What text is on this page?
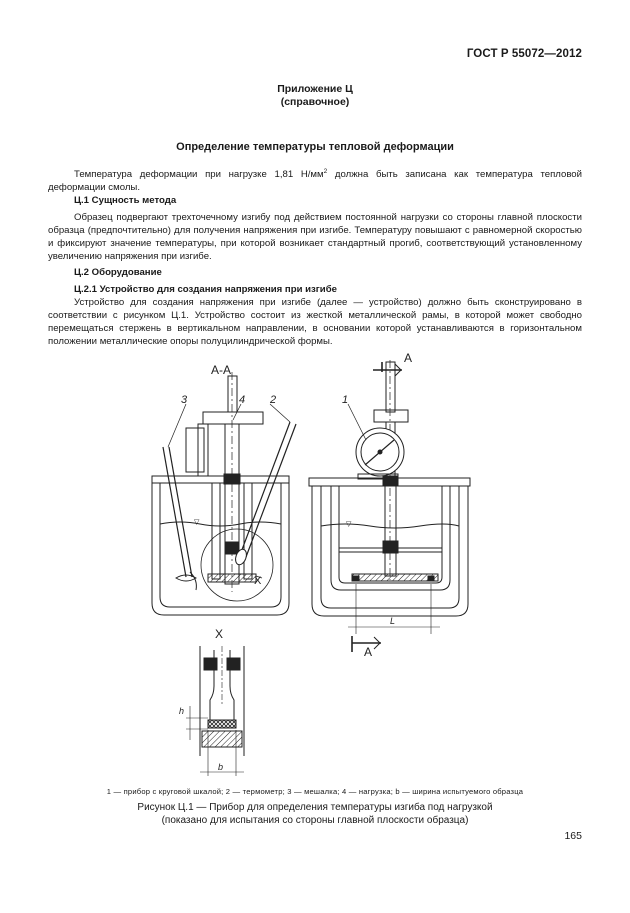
ГОСТ Р 55072—2012
Приложение Ц
(справочное)
Определение температуры тепловой деформации
Температура деформации при нагрузке 1,81 $Н/мм^2$ должна быть записана как температура тепловой деформации смолы.
Ц.1 Сущность метода
Образец подвергают трехточечному изгибу под действием постоянной нагрузки со стороны главной плоскости образца (предпочтительно) для получения напряжения при изгибе. Температуру повышают с равномерной скоростью и фиксируют значение температуры, при которой возникает стандартный прогиб, соответствующий установленному увеличению напряжения при изгибе.
Ц.2 Оборудование
Ц.2.1 Устройство для создания напряжения при изгибе
Устройство для создания напряжения при изгибе (далее — устройство) должно быть сконструировано в соответствии с рисунком Ц.1. Устройство состоит из жесткой металлической рамы, в которой может свободно перемещаться стержень в вертикальном направлении, в основании которой устанавливаются в горизонтальном положении металлические опоры полуцилиндрической формы.
▽
A-A
3	4 2
X
X
h
b
▽
A
1
L
A
1 — прибор с круговой шкалой; 2 — термометр; 3 — мешалка; 4 — нагрузка; b — ширина испытуемого образца
Рисунок Ц.1 — Прибор для определения температуры изгиба под нагрузкой
(показано для испытания со стороны главной плоскости образца)
165
